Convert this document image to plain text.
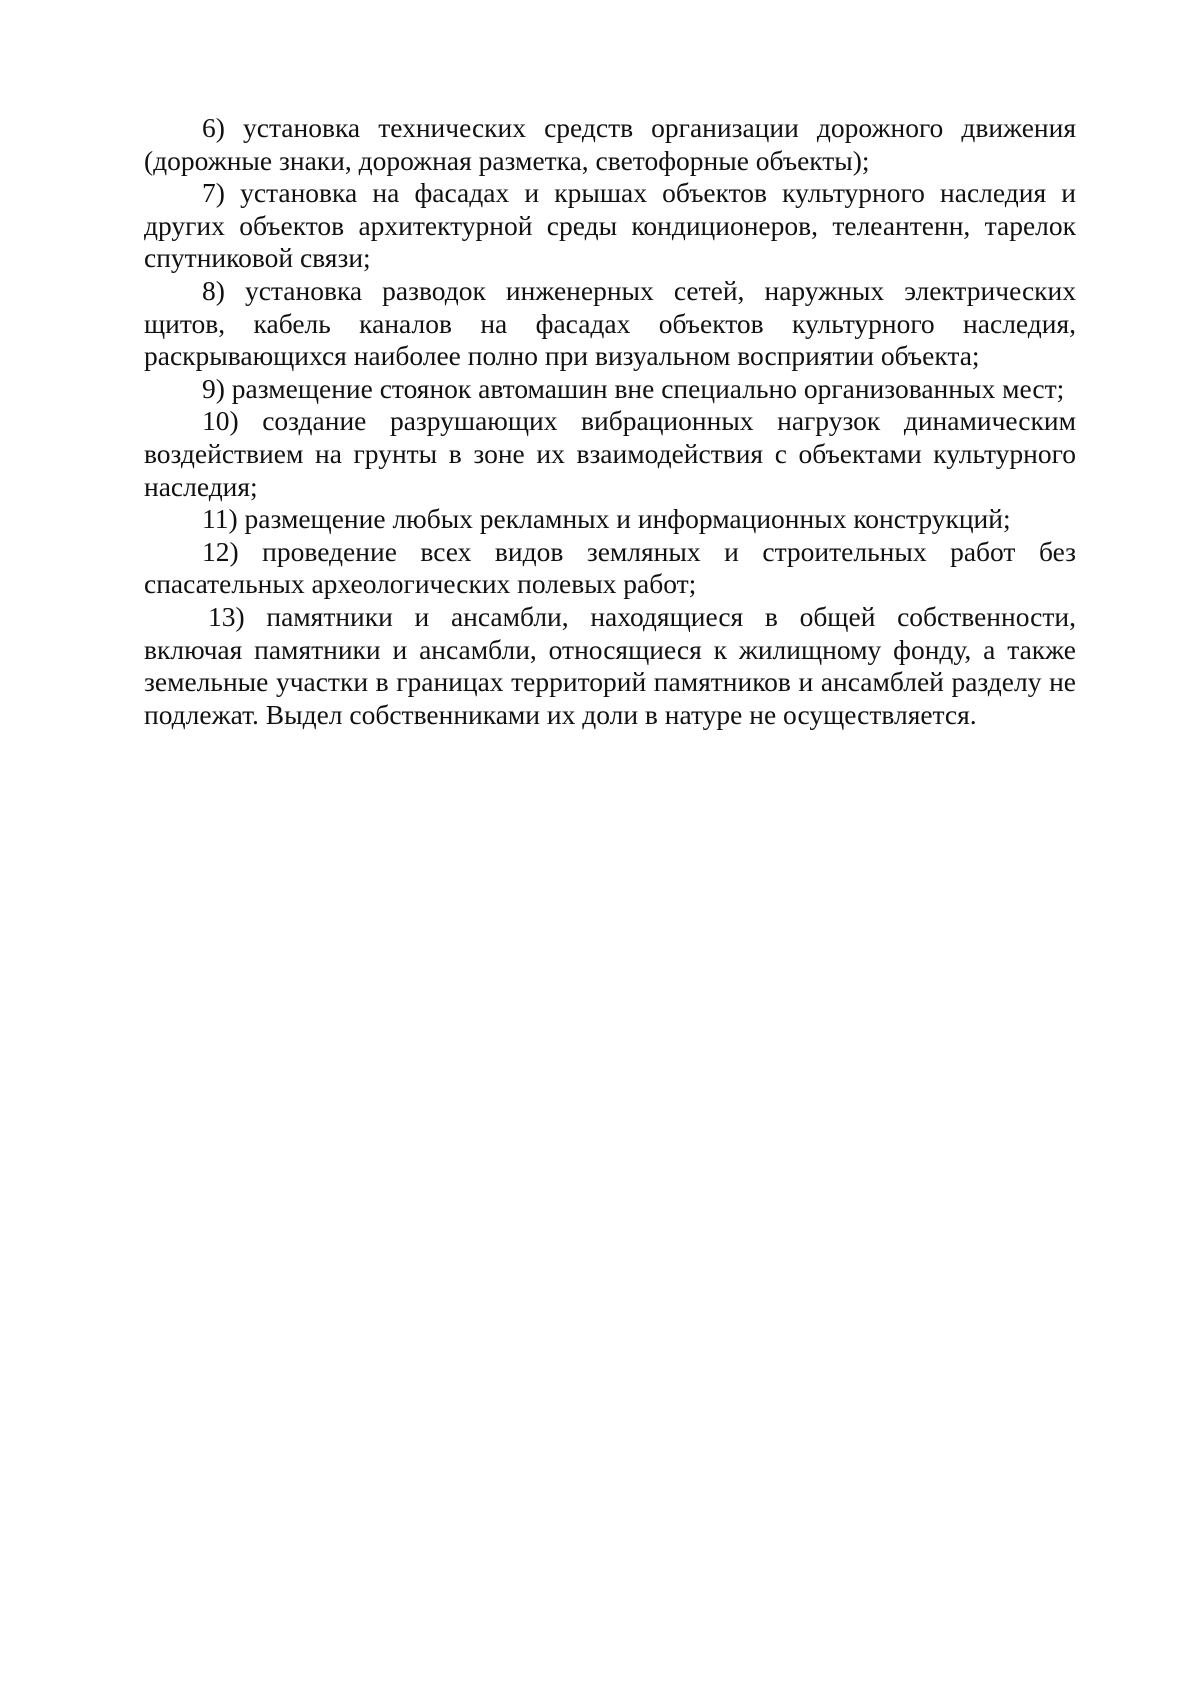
6) установка технических средств организации дорожного движения (дорожные знаки, дорожная разметка, светофорные объекты);

7) установка на фасадах и крышах объектов культурного наследия и других объектов архитектурной среды кондиционеров, телеантенн, тарелок спутниковой связи;

8) установка разводок инженерных сетей, наружных электрических щитов, кабель каналов на фасадах объектов культурного наследия, раскрывающихся наиболее полно при визуальном восприятии объекта;

9) размещение стоянок автомашин вне специально организованных мест;

10) создание разрушающих вибрационных нагрузок динамическим воздействием на грунты в зоне их взаимодействия с объектами культурного наследия;

11) размещение любых рекламных и информационных конструкций;

12) проведение всех видов земляных и строительных работ без спасательных археологических полевых работ;

13) памятники и ансамбли, находящиеся в общей собственности, включая памятники и ансамбли, относящиеся к жилищному фонду, а также земельные участки в границах территорий памятников и ансамблей разделу не подлежат. Выдел собственниками их доли в натуре не осуществляется.
